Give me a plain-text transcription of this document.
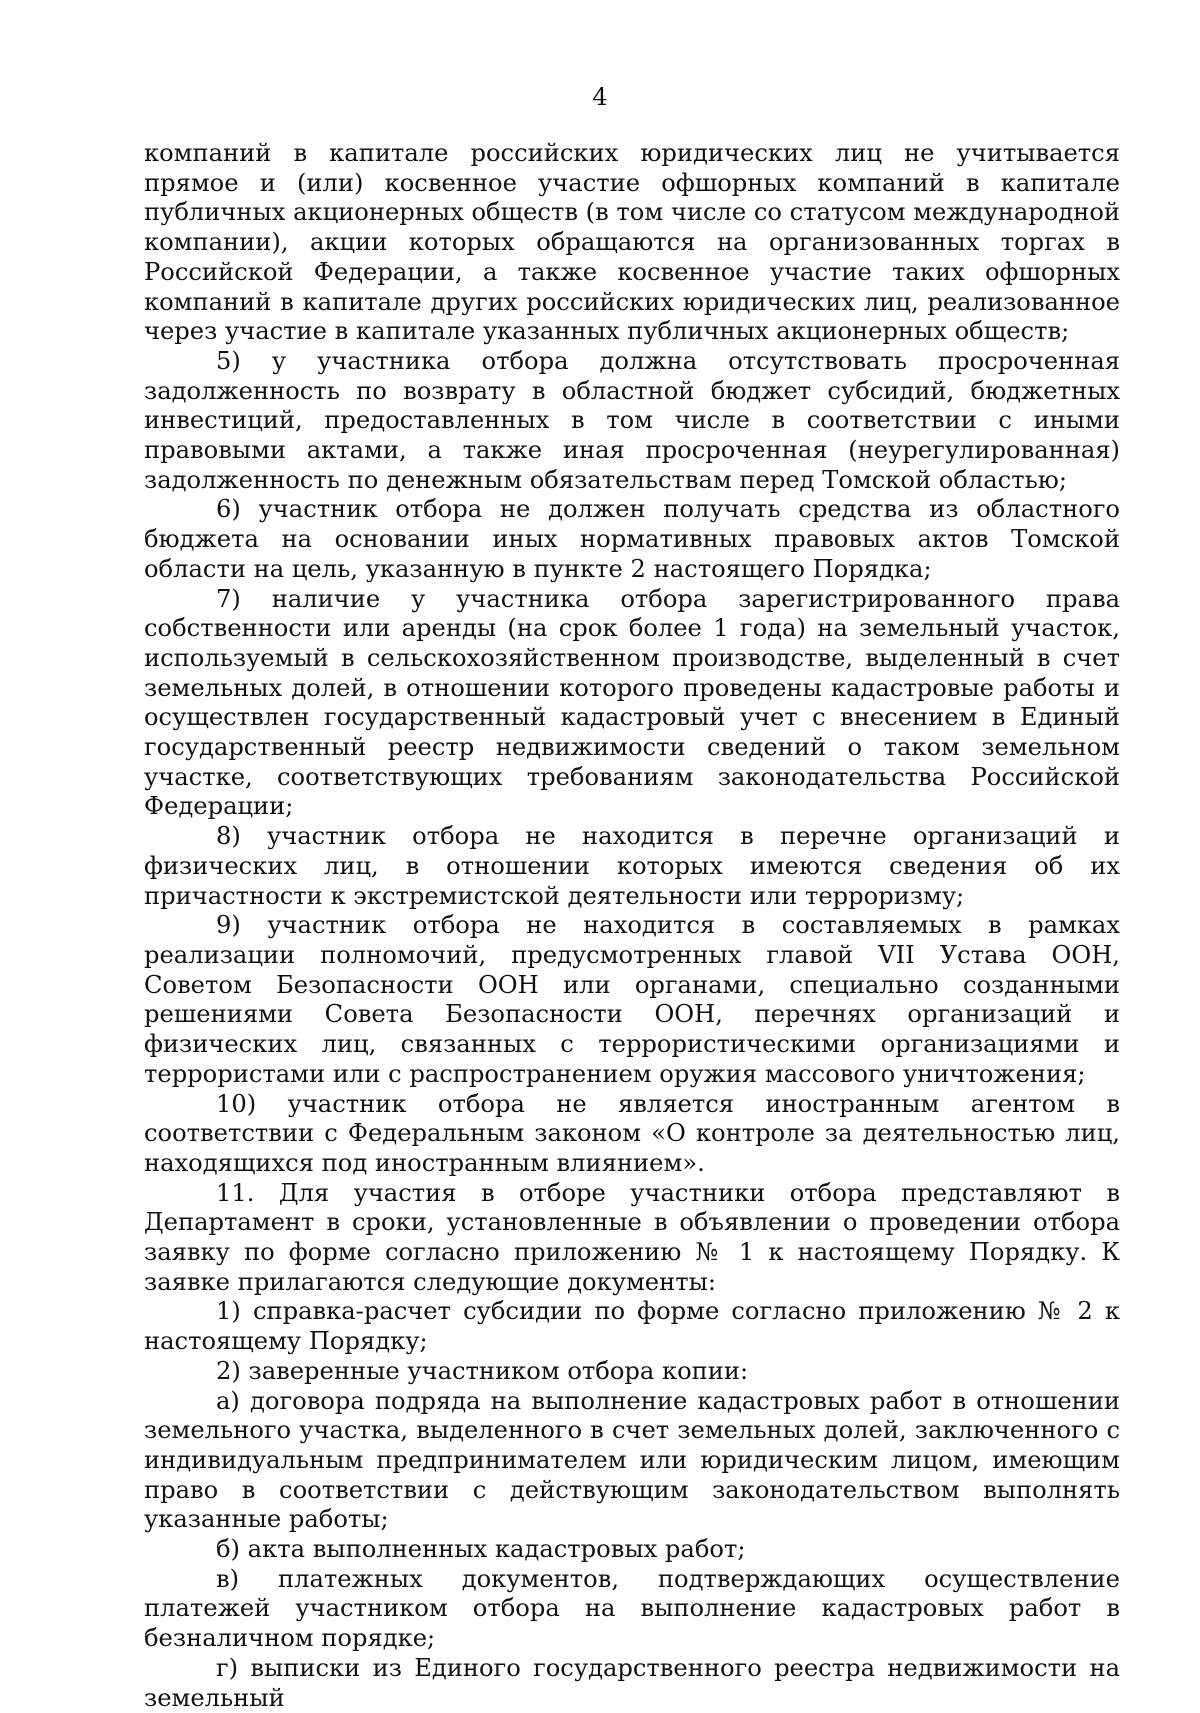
4

компаний в капитале российских юридических лиц не учитывается прямое и (или) косвенное участие офшорных компаний в капитале публичных акционерных обществ (в том числе со статусом международной компании), акции которых обращаются на организованных торгах в Российской Федерации, а также косвенное участие таких офшорных компаний в капитале других российских юридических лиц, реализованное через участие в капитале указанных публичных акционерных обществ;

5) у участника отбора должна отсутствовать просроченная задолженность по возврату в областной бюджет субсидий, бюджетных инвестиций, предоставленных в том числе в соответствии с иными правовыми актами, а также иная просроченная (неурегулированная) задолженность по денежным обязательствам перед Томской областью;

6) участник отбора не должен получать средства из областного бюджета на основании иных нормативных правовых актов Томской области на цель, указанную в пункте 2 настоящего Порядка;

7) наличие у участника отбора зарегистрированного права собственности или аренды (на срок более 1 года) на земельный участок, используемый в сельскохозяйственном производстве, выделенный в счет земельных долей, в отношении которого проведены кадастровые работы и осуществлен государственный кадастровый учет с внесением в Единый государственный реестр недвижимости сведений о таком земельном участке, соответствующих требованиям законодательства Российской Федерации;

8) участник отбора не находится в перечне организаций и физических лиц, в отношении которых имеются сведения об их причастности к экстремистской деятельности или терроризму;

9) участник отбора не находится в составляемых в рамках реализации полномочий, предусмотренных главой VII Устава ООН, Советом Безопасности ООН или органами, специально созданными решениями Совета Безопасности ООН, перечнях организаций и физических лиц, связанных с террористическими организациями и террористами или с распространением оружия массового уничтожения;

10) участник отбора не является иностранным агентом в соответствии с Федеральным законом «О контроле за деятельностью лиц, находящихся под иностранным влиянием».

11. Для участия в отборе участники отбора представляют в Департамент в сроки, установленные в объявлении о проведении отбора заявку по форме согласно приложению № 1 к настоящему Порядку. К заявке прилагаются следующие документы:

1) справка-расчет субсидии по форме согласно приложению № 2 к настоящему Порядку;

2) заверенные участником отбора копии:

а) договора подряда на выполнение кадастровых работ в отношении земельного участка, выделенного в счет земельных долей, заключенного с индивидуальным предпринимателем или юридическим лицом, имеющим право в соответствии с действующим законодательством выполнять указанные работы;

б) акта выполненных кадастровых работ;

в) платежных документов, подтверждающих осуществление платежей участником отбора на выполнение кадастровых работ в безналичном порядке;

г) выписки из Единого государственного реестра недвижимости на земельный
